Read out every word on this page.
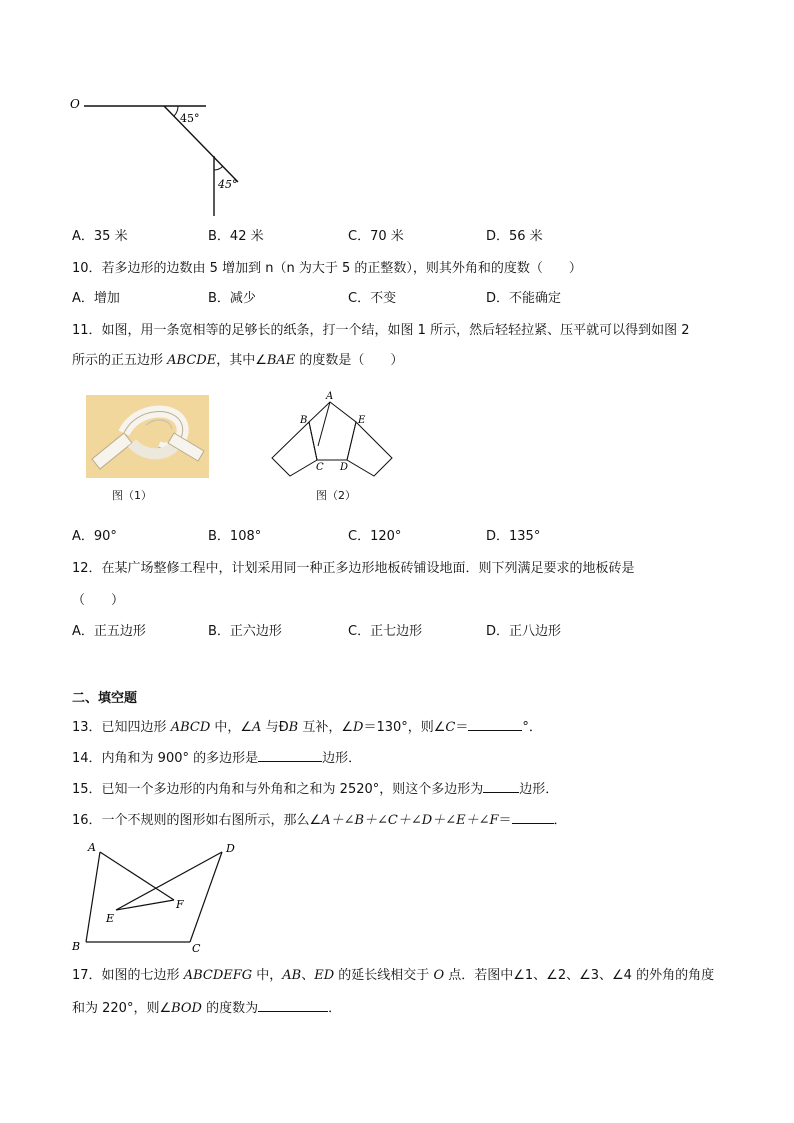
O
45°
45°
A．35 米	B．42 米	C．70 米	D．56 米
10．若多边形的边数由 5 增加到 n（n 为大于 5 的正整数），则其外角和的度数（　　）
A．增加	B．减少	C．不变	D．不能确定
11．如图，用一条宽相等的足够长的纸条，打一个结，如图 1 所示，然后轻轻拉紧、压平就可以得到如图 2
所示的正五边形 ABCDE，其中∠BAE 的度数是（　　）
图（1）
A
B
C D
E
图（2）
A．90°	B．108°	C．120°	D．135°
12．在某广场整修工程中，计划采用同一种正多边形地板砖铺设地面．则下列满足要求的地板砖是
（　　）
A．正五边形	B．正六边形	C．正七边形	D．正八边形
二、填空题
13．已知四边形 ABCD 中，∠A 与ÐB 互补，∠D＝130°，则∠C＝	°．
14．内角和为 900° 的多边形是	边形．
15．已知一个多边形的内角和与外角和之和为 2520°，则这个多边形为	边形．
16．一个不规则的图形如右图所示，那么∠A＋∠B＋∠C＋∠D＋∠E＋∠F＝	．
A
B	C
D
E
F
17．如图的七边形 ABCDEFG 中，AB、ED 的延长线相交于 O 点．若图中∠1、∠2、∠3、∠4 的外角的角度
和为 220°，则∠BOD 的度数为	．
